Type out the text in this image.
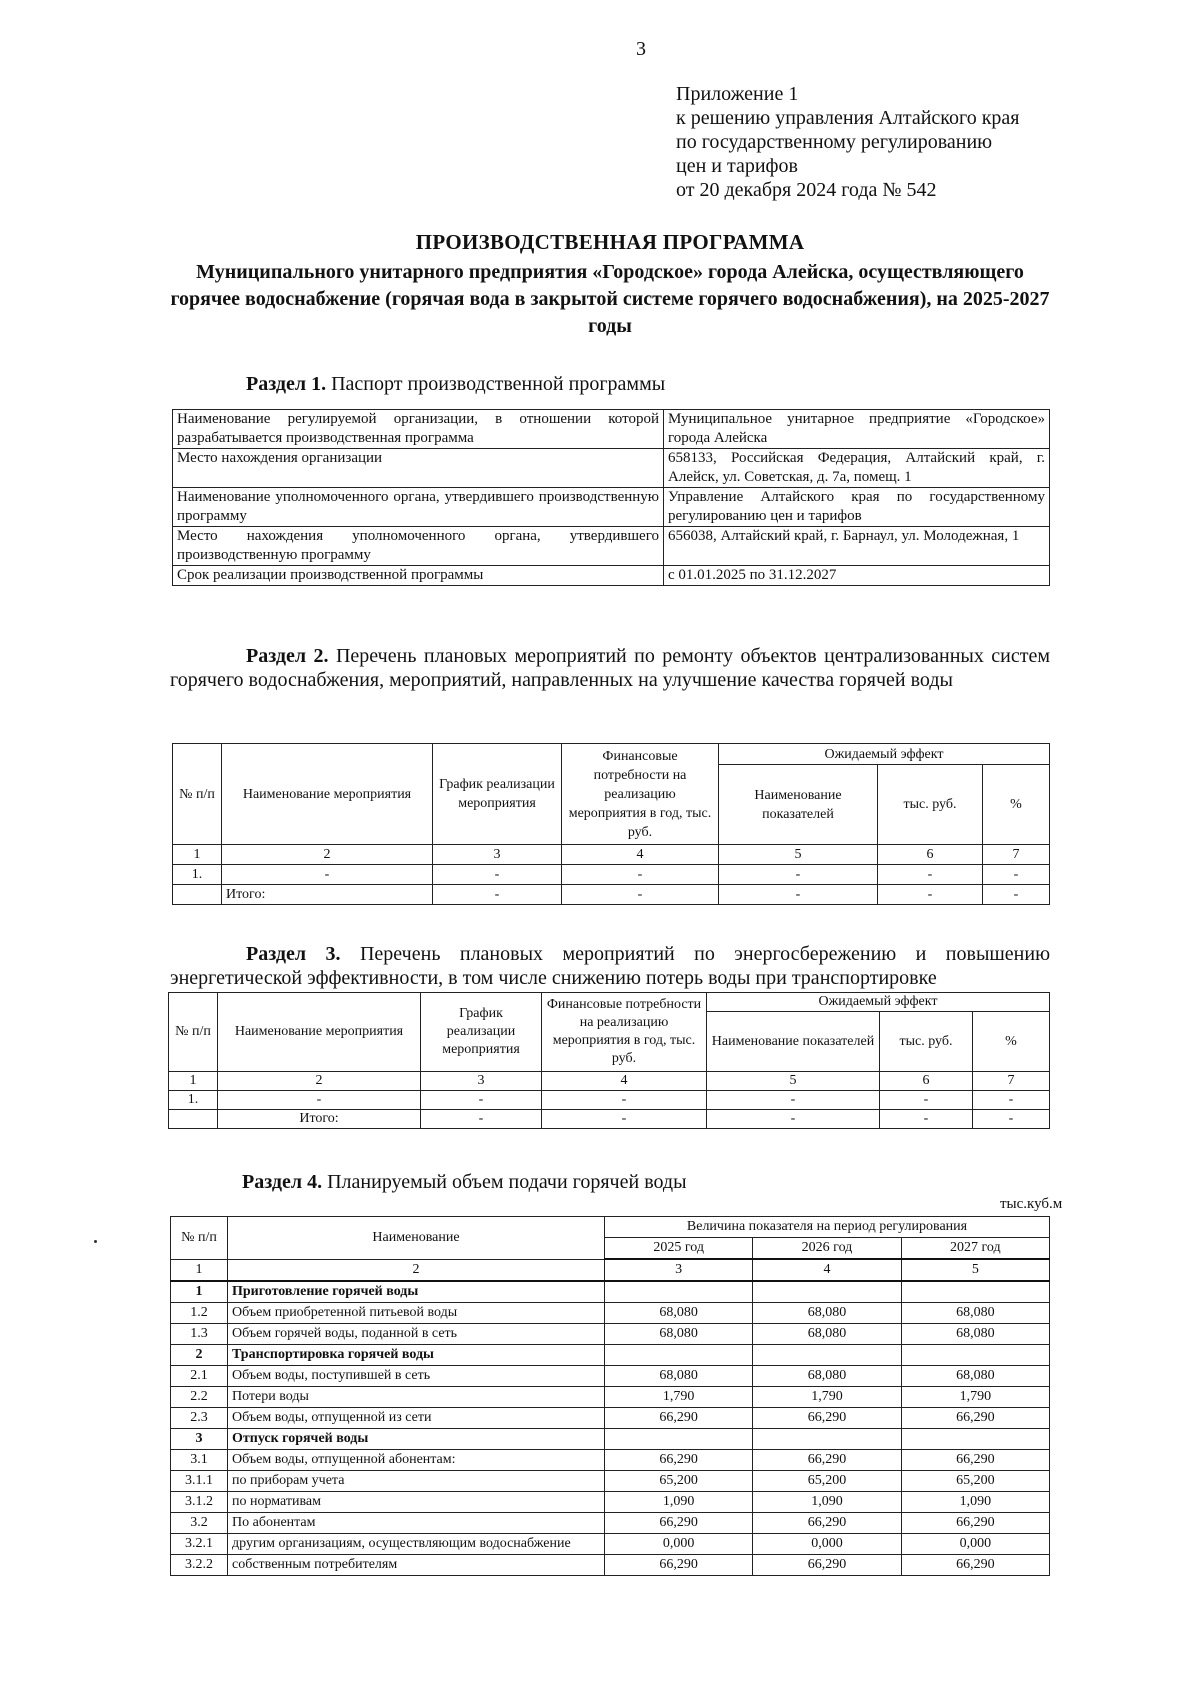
3
Приложение 1
к решению управления Алтайского края
по государственному регулированию
цен и тарифов
от 20 декабря 2024 года № 542
ПРОИЗВОДСТВЕННАЯ ПРОГРАММА
Муниципального унитарного предприятия «Городское» города Алейска, осуществляющего горячее водоснабжение (горячая вода в закрытой системе горячего водоснабжения), на 2025-2027 годы
Раздел 1. Паспорт производственной программы
Наименование регулируемой организации, в отношении которой разрабатывается производственная программа	Муниципальное унитарное предприятие «Городское» города Алейска
Место нахождения организации	658133, Российская Федерация, Алтайский край, г. Алейск, ул. Советская, д. 7а, помещ. 1
Наименование уполномоченного органа, утвердившего производственную программу	Управление Алтайского края по государственному регулированию цен и тарифов
Место нахождения уполномоченного органа, утвердившего производственную программу	656038, Алтайский край, г. Барнаул, ул. Молодежная, 1
Срок реализации производственной программы	с 01.01.2025 по 31.12.2027
Раздел 2. Перечень плановых мероприятий по ремонту объектов централизованных систем горячего водоснабжения, мероприятий, направленных на улучшение качества горячей воды
№ п/п	Наименование мероприятия	График реализации мероприятия	Финансовые потребности на реализацию мероприятия в год, тыс. руб.	Ожидаемый эффект		
				Наименование показателей	тыс. руб.	%
1	2	3	4	5	6	7
1.	-	-	-	-	-	-
	Итого:	-	-	-	-	-
Раздел 3. Перечень плановых мероприятий по энергосбережению и повышению энергетической эффективности, в том числе снижению потерь воды при транспортировке
№ п/п	Наименование мероприятия	График реализации мероприятия	Финансовые потребности на реализацию мероприятия в год, тыс. руб.	Ожидаемый эффект		
				Наименование показателей	тыс. руб.	%
1	2	3	4	5	6	7
1.	-	-	-	-	-	-
	Итого:	-	-	-	-	-
Раздел 4. Планируемый объем подачи горячей воды
тыс.куб.м
№ п/п	Наименование	Величина показателя на период регулирования		
		2025 год	2026 год	2027 год
1	2	3	4	5
1	Приготовление горячей воды			
1.2	Объем приобретенной питьевой воды	68,080	68,080	68,080
1.3	Объем горячей воды, поданной в сеть	68,080	68,080	68,080
2	Транспортировка горячей воды			
2.1	Объем воды, поступившей в сеть	68,080	68,080	68,080
2.2	Потери воды	1,790	1,790	1,790
2.3	Объем воды, отпущенной из сети	66,290	66,290	66,290
3	Отпуск горячей воды			
3.1	Объем воды, отпущенной абонентам:	66,290	66,290	66,290
3.1.1	по приборам учета	65,200	65,200	65,200
3.1.2	по нормативам	1,090	1,090	1,090
3.2	По абонентам	66,290	66,290	66,290
3.2.1	другим организациям, осуществляющим водоснабжение	0,000	0,000	0,000
3.2.2	собственным потребителям	66,290	66,290	66,290
